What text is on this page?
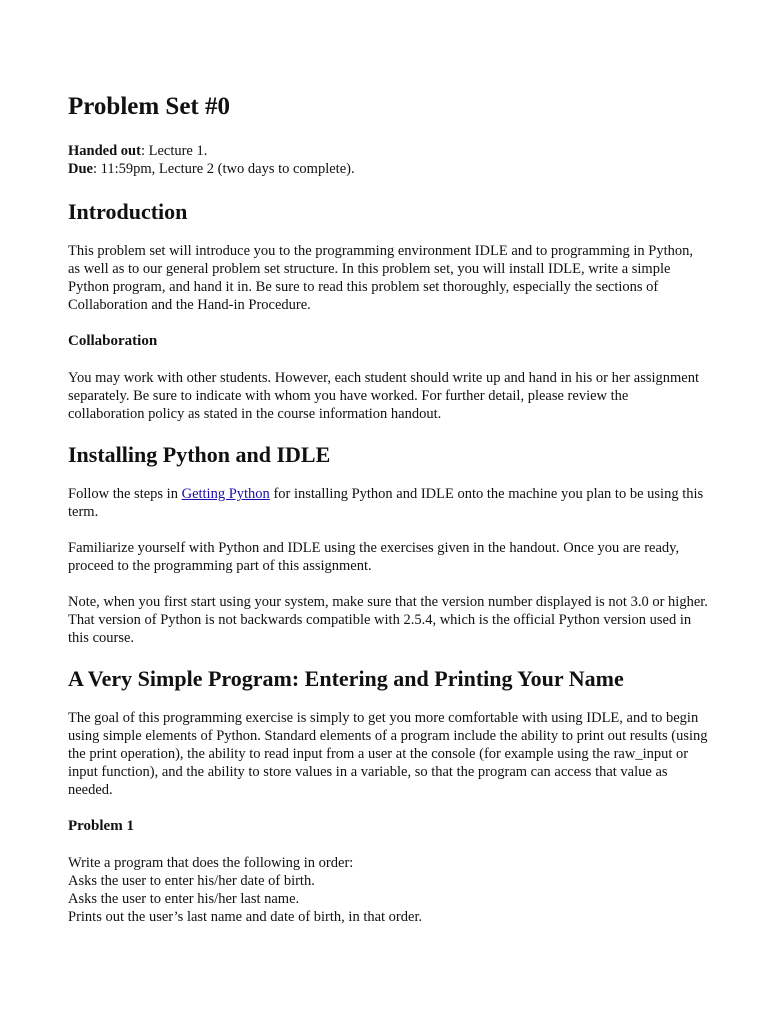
Problem Set #0
Handed out: Lecture 1.
Due: 11:59pm, Lecture 2 (two days to complete).
Introduction

This problem set will introduce you to the programming environment IDLE and to programming in Python, as well as to our general problem set structure. In this problem set, you will install IDLE, write a simple Python program, and hand it in. Be sure to read this problem set thoroughly, especially the sections of Collaboration and the Hand-in Procedure.

Collaboration

You may work with other students. However, each student should write up and hand in his or her assignment separately. Be sure to indicate with whom you have worked. For further detail, please review the collaboration policy as stated in the course information handout.

Installing Python and IDLE

Follow the steps in Getting Python for installing Python and IDLE onto the machine you plan to be using this term.

Familiarize yourself with Python and IDLE using the exercises given in the handout. Once you are ready, proceed to the programming part of this assignment.

Note, when you first start using your system, make sure that the version number displayed is not 3.0 or higher. That version of Python is not backwards compatible with 2.5.4, which is the official Python version used in this course.

A Very Simple Program: Entering and Printing Your Name

The goal of this programming exercise is simply to get you more comfortable with using IDLE, and to begin using simple elements of Python. Standard elements of a program include the ability to print out results (using the print operation), the ability to read input from a user at the console (for example using the raw_input or input function), and the ability to store values in a variable, so that the program can access that value as needed.

Problem 1
Write a program that does the following in order:
Asks the user to enter his/her date of birth.
Asks the user to enter his/her last name.
Prints out the user’s last name and date of birth, in that order.
